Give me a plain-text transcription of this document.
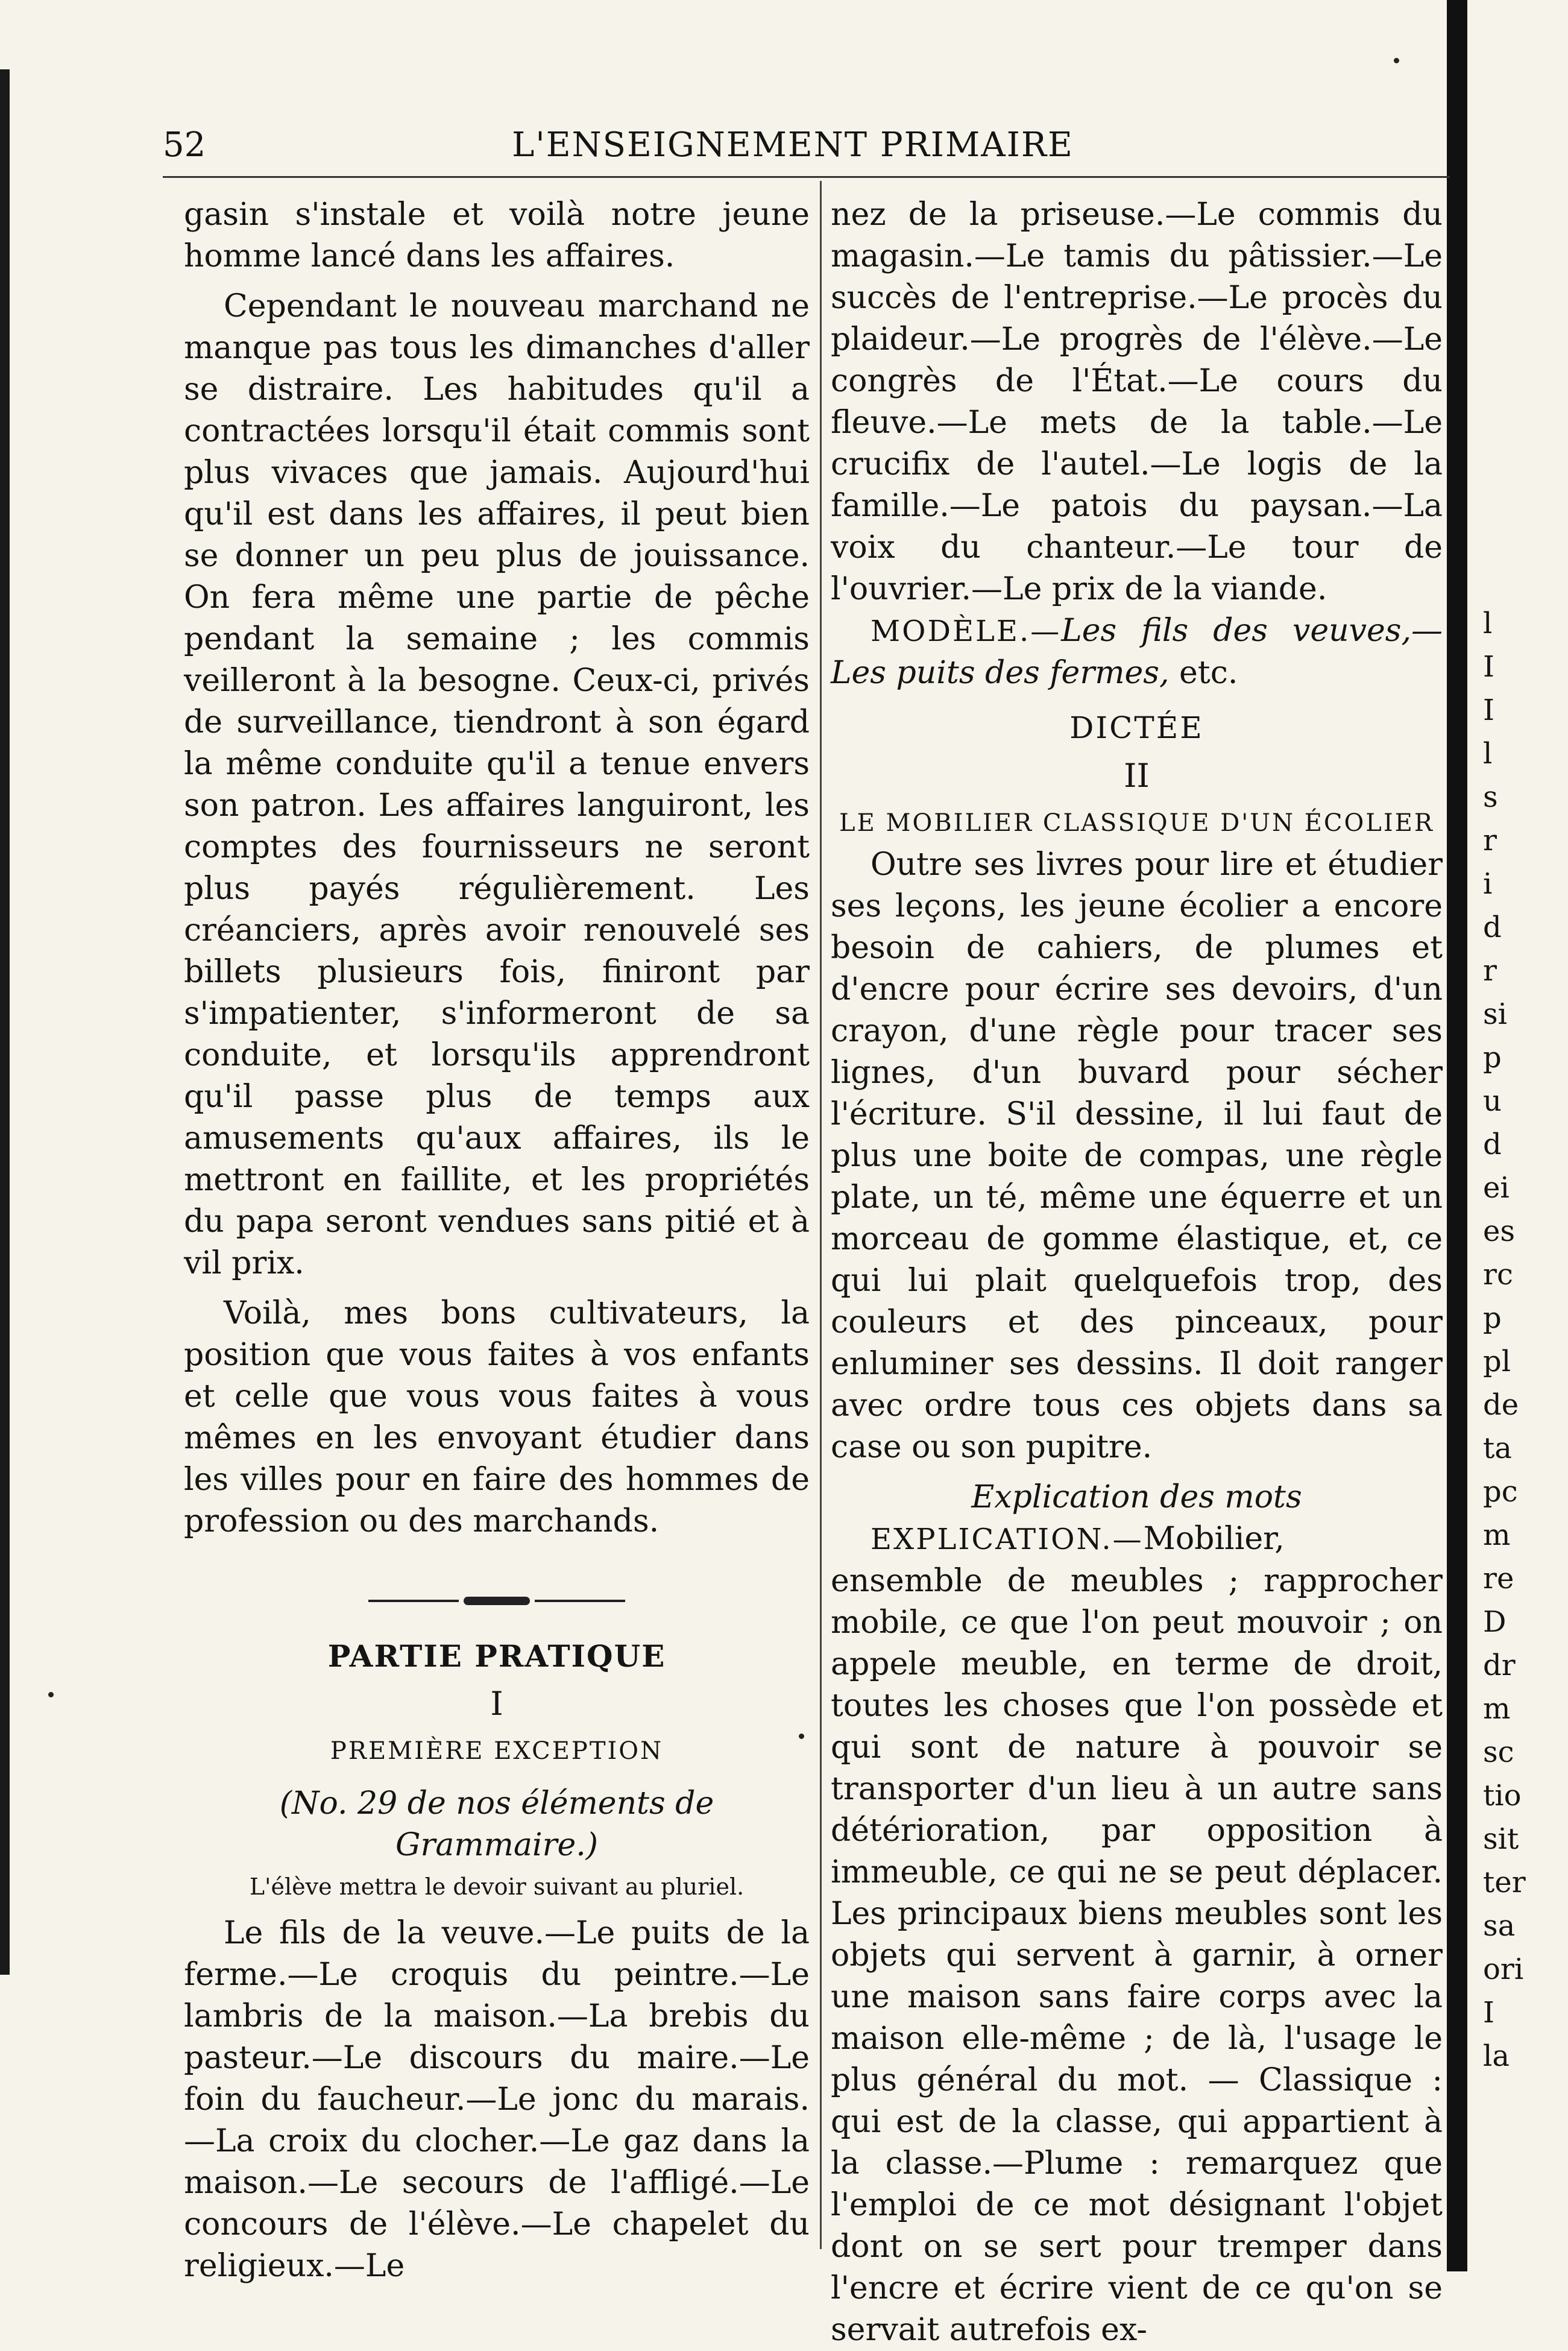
52	L'ENSEIGNEMENT PRIMAIRE

gasin s'instale et voilà notre jeune homme lancé dans les affaires.

Cependant le nouveau marchand ne manque pas tous les dimanches d'aller se distraire. Les habitudes qu'il a contractées lorsqu'il était commis sont plus vivaces que jamais. Aujourd'hui qu'il est dans les affaires, il peut bien se donner un peu plus de jouissance. On fera même une partie de pêche pendant la semaine ; les commis veilleront à la besogne. Ceux-ci, privés de surveillance, tiendront à son égard la même conduite qu'il a tenue envers son patron. Les affaires languiront, les comptes des fournisseurs ne seront plus payés régulièrement. Les créanciers, après avoir renouvelé ses billets plusieurs fois, finiront par s'impatienter, s'informeront de sa conduite, et lorsqu'ils apprendront qu'il passe plus de temps aux amusements qu'aux affaires, ils le mettront en faillite, et les propriétés du papa seront vendues sans pitié et à vil prix.

Voilà, mes bons cultivateurs, la position que vous faites à vos enfants et celle que vous vous faites à vous mêmes en les envoyant étudier dans les villes pour en faire des hommes de profession ou des marchands.

PARTIE PRATIQUE
I
PREMIÈRE EXCEPTION
(No. 29 de nos éléments de Grammaire.)
L'élève mettra le devoir suivant au pluriel.

Le fils de la veuve.—Le puits de la ferme.—Le croquis du peintre.—Le lambris de la maison.—La brebis du pasteur.—Le discours du maire.—Le foin du faucheur.—Le jonc du marais.—La croix du clocher.—Le gaz dans la maison.—Le secours de l'affligé.—Le concours de l'élève.—Le chapelet du religieux.—Le

nez de la priseuse.—Le commis du magasin.—Le tamis du pâtissier.—Le succès de l'entreprise.—Le procès du plaideur.—Le progrès de l'élève.—Le congrès de l'État.—Le cours du fleuve.—Le mets de la table.—Le crucifix de l'autel.—Le logis de la famille.—Le patois du paysan.—La voix du chanteur.—Le tour de l'ouvrier.—Le prix de la viande.

MODÈLE.—Les fils des veuves,—Les puits des fermes, etc.

DICTÉE
II
LE MOBILIER CLASSIQUE D'UN ÉCOLIER

Outre ses livres pour lire et étudier ses leçons, les jeune écolier a encore besoin de cahiers, de plumes et d'encre pour écrire ses devoirs, d'un crayon, d'une règle pour tracer ses lignes, d'un buvard pour sécher l'écriture. S'il dessine, il lui faut de plus une boite de compas, une règle plate, un té, même une équerre et un morceau de gomme élastique, et, ce qui lui plait quelquefois trop, des couleurs et des pinceaux, pour enluminer ses dessins. Il doit ranger avec ordre tous ces objets dans sa case ou son pupitre.

Explication des mots

EXPLICATION.—Mobilier, ensemble de meubles ; rapprocher mobile, ce que l'on peut mouvoir ; on appele meuble, en terme de droit, toutes les choses que l'on possède et qui sont de nature à pouvoir se transporter d'un lieu à un autre sans détérioration, par opposition à immeuble, ce qui ne se peut déplacer. Les principaux biens meubles sont les objets qui servent à garnir, à orner une maison sans faire corps avec la maison elle-même ; de là, l'usage le plus général du mot. — Classique : qui est de la classe, qui appartient à la classe.—Plume : remarquez que l'emploi de ce mot désignant l'objet dont on se sert pour tremper dans l'encre et écrire vient de ce qu'on se servait autrefois ex-

l
I
I
l
s
r
i
d
r
si
p
u
d
ei
es
rc
p
pl
de
ta
pc
m
re
D
dr
m
sc
tio
sit
ter
sa
ori
I
la
